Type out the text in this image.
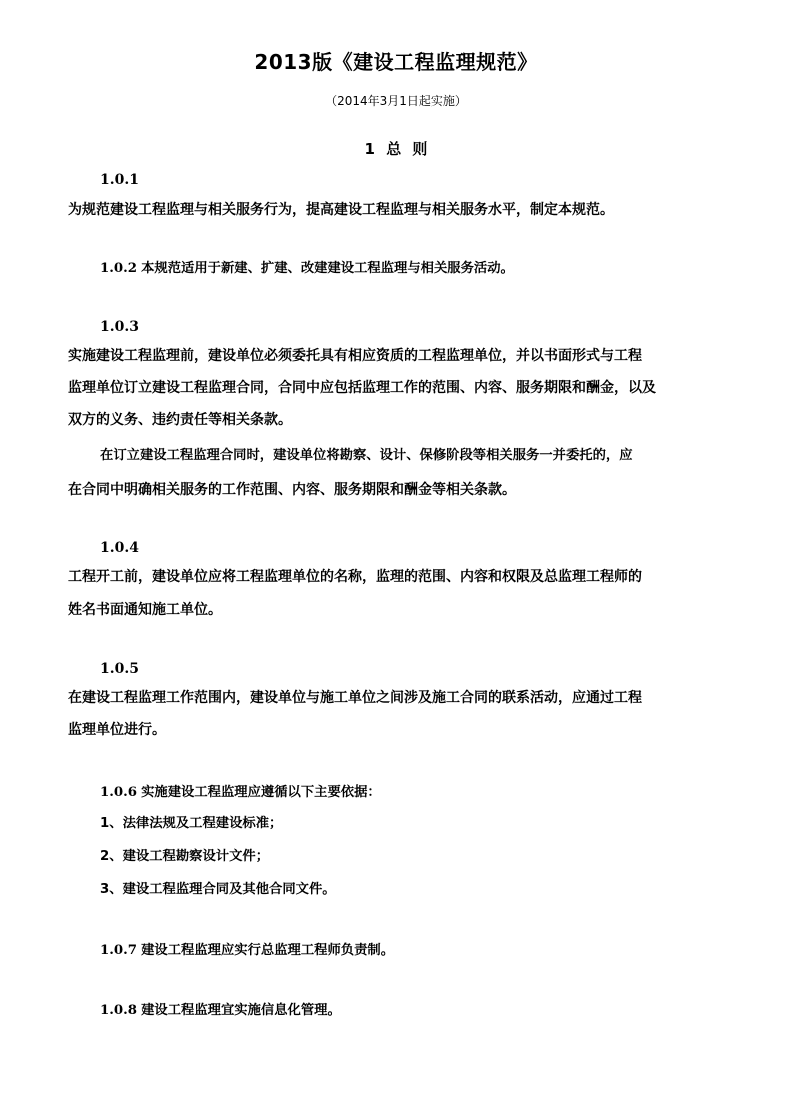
2013版《建设工程监理规范》
（2014年3月1日起实施）
1 总 则
1.0.1
为规范建设工程监理与相关服务行为，提高建设工程监理与相关服务水平，制定本规范。
1.0.2 本规范适用于新建、扩建、改建建设工程监理与相关服务活动。
1.0.3
实施建设工程监理前，建设单位必须委托具有相应资质的工程监理单位，并以书面形式与工程
监理单位订立建设工程监理合同，合同中应包括监理工作的范围、内容、服务期限和酬金，以及
双方的义务、违约责任等相关条款。
在订立建设工程监理合同时，建设单位将勘察、设计、保修阶段等相关服务一并委托的，应
在合同中明确相关服务的工作范围、内容、服务期限和酬金等相关条款。
1.0.4
工程开工前，建设单位应将工程监理单位的名称，监理的范围、内容和权限及总监理工程师的
姓名书面通知施工单位。
1.0.5
在建设工程监理工作范围内，建设单位与施工单位之间涉及施工合同的联系活动，应通过工程
监理单位进行。
1.0.6 实施建设工程监理应遵循以下主要依据：
1、法律法规及工程建设标准；
2、建设工程勘察设计文件；
3、建设工程监理合同及其他合同文件。
1.0.7 建设工程监理应实行总监理工程师负责制。
1.0.8 建设工程监理宜实施信息化管理。
